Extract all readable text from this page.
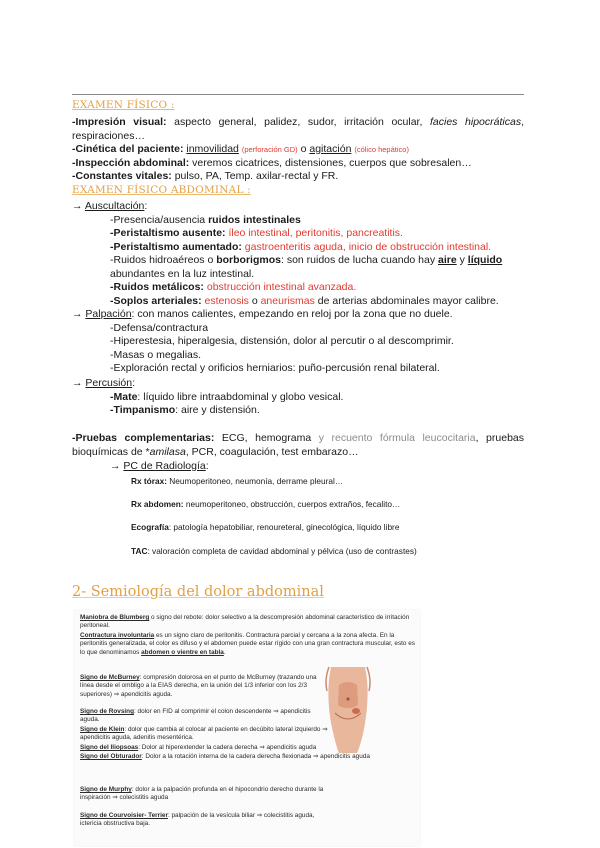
EXAMEN FÍSICO :
-Impresión visual: aspecto general, palidez, sudor, irritación ocular, facies hipocráticas, respiraciones…
-Cinética del paciente: inmovilidad (perforación GD) o agitación (cólico hepático)
-Inspección abdominal: veremos cicatrices, distensiones, cuerpos que sobresalen…
-Constantes vitales: pulso, PA, Temp. axilar-rectal y FR.
EXAMEN FÍSICO ABDOMINAL :
→ Auscultación:
-Presencia/ausencia ruidos intestinales
-Peristaltismo ausente: íleo intestinal, peritonitis, pancreatitis.
-Peristaltismo aumentado: gastroenteritis aguda, inicio de obstrucción intestinal.
-Ruidos hidroaéreos o borborigmos: son ruidos de lucha cuando hay aire y líquido
abundantes en la luz intestinal.
-Ruidos metálicos: obstrucción intestinal avanzada.
-Soplos arteriales: estenosis o aneurismas de arterias abdominales mayor calibre.
→ Palpación: con manos calientes, empezando en reloj por la zona que no duele.
-Defensa/contractura
-Hiperestesia, hiperalgesia, distensión, dolor al percutir o al descomprimir.
-Masas o megalias.
-Exploración rectal y orificios herniarios: puño-percusión renal bilateral.
→ Percusión:
-Mate: líquido libre intraabdominal y globo vesical.
-Timpanismo: aire y distensión.
-Pruebas complementarias: ECG, hemograma y recuento fórmula leucocitaria, pruebas bioquímicas de *amilasa, PCR, coagulación, test embarazo…
→ PC de Radiología:
Rx tórax: Neumoperitoneo, neumonía, derrame pleural…
Rx abdomen: neumoperitoneo, obstrucción, cuerpos extraños, fecalito…
Ecografía: patología hepatobiliar, renoureteral, ginecológica, líquido libre
TAC: valoración completa de cavidad abdominal y pélvica (uso de contrastes)
2- Semiología del dolor abdominal
Maniobra de Blumberg o signo del rebote: dolor selectivo a la descompresión abdominal característico de irritación peritoneal.
Contractura involuntaria es un signo claro de peritonitis. Contractura parcial y cercana a la zona afecta. En la peritonitis generalizada, el color es difuso y el abdomen puede estar rígido con una gran contractura muscular, esto es lo que denominamos abdomen o vientre en tabla.
Signo de McBurney: compresión dolorosa en el punto de McBurney (trazando una línea desde el ombligo a la EIAS derecha, en la unión del 1/3 inferior con los 2/3 superiores) ⇒ apendicitis aguda.
Signo de Rovsing: dolor en FID al comprimir el colon descendente ⇒ apendicitis aguda.
Signo de Klein: dolor que cambia al colocar al paciente en decúbito lateral izquierdo ⇒ apendicitis aguda, adenitis mesentérica.
Signo del Iliopsoas: Dolor al hiperextender la cadera derecha ⇒ apendicitis aguda
Signo del Obturador: Dolor a la rotación interna de la cadera derecha flexionada ⇒ apendicitis aguda
Signo de Murphy: dolor a la palpación profunda en el hipocondrio derecho durante la inspiración ⇒ colecistitis aguda
Signo de Courvoisier- Terrier: palpación de la vesícula biliar ⇒ colecistitis aguda, ictericia obstructiva baja.
